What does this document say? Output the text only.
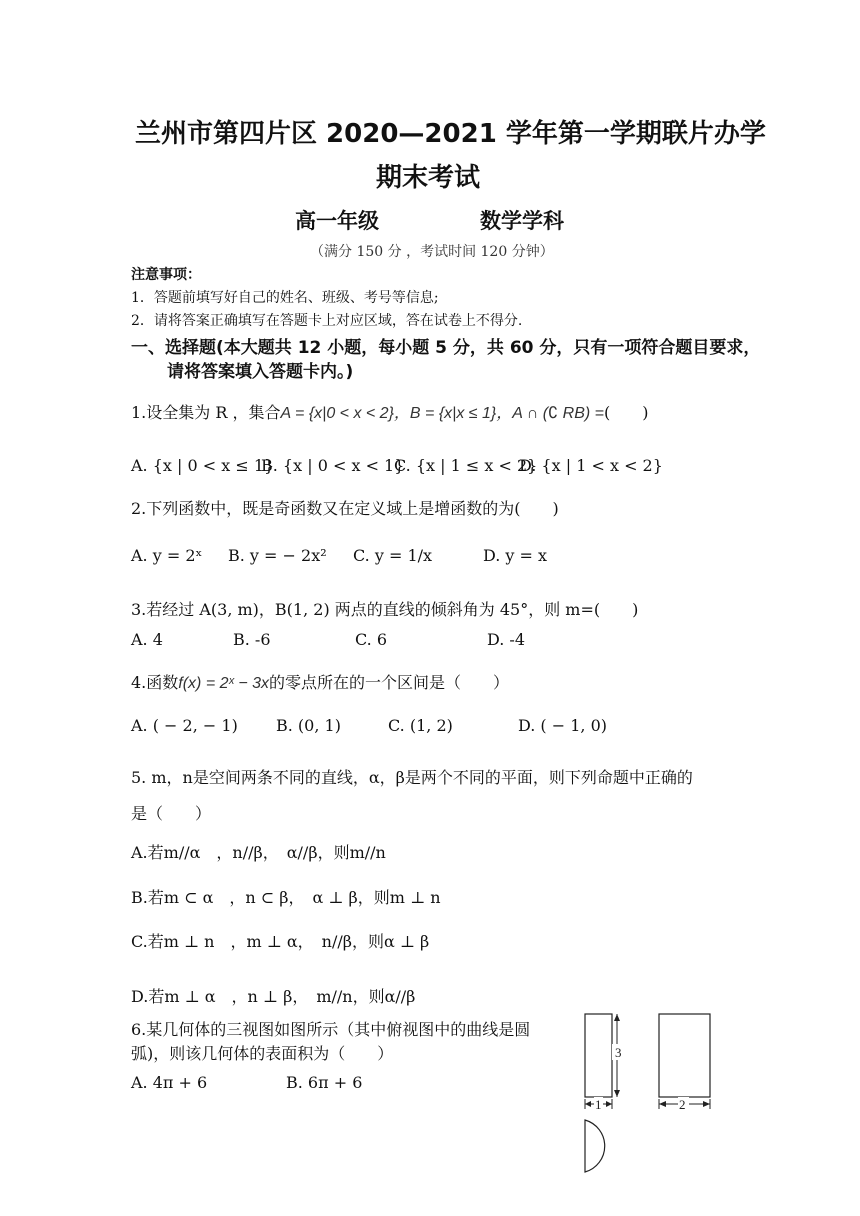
兰州市第四片区 2020—2021 学年第一学期联片办学
期末考试
高一年级	数学学科
（满分 150 分 ，考试时间 120 分钟）
注意事项：
1．答题前填写好自己的姓名、班级、考号等信息;
2．请将答案正确填写在答题卡上对应区域，答在试卷上不得分.
一、选择题(本大题共 12 小题，每小题 5 分，共 60 分，只有一项符合题目要求，
请将答案填入答题卡内。)
1.设全集为 R ，集合A = {x|0 < x < 2}，B = {x|x ≤ 1}，A ∩ (∁ RB) =(　　)
A. {x | 0 < x ≤ 1}B. {x | 0 < x < 1}C. {x | 1 ≤ x < 2}D. {x | 1 < x < 2}
2.下列函数中，既是奇函数又在定义域上是增函数的为(　　)
A. y = 2ˣ B. y = − 2x² C. y = 1/x	D. y = x
3.若经过 A(3, m)，B(1, 2) 两点的直线的倾斜角为 45°，则 m=(　　)
A. 4	B. -6	C. 6	D. -4
4.函数f(x) = 2ˣ − 3x的零点所在的一个区间是（　　）
A. ( − 2, − 1) B. (0, 1)	C. (1, 2)	D. ( − 1, 0)
5. m，n是空间两条不同的直线，α，β是两个不同的平面，则下列命题中正确的
是（　　）
A.若m//α　，n//β，　α//β，则m//n
B.若m ⊂ α　，n ⊂ β，　α ⊥ β，则m ⊥ n
C.若m ⊥ n　，m ⊥ α，　n//β，则α ⊥ β
D.若m ⊥ α　，n ⊥ β，　m//n，则α//β
6.某几何体的三视图如图所示（其中俯视图中的曲线是圆
弧)，则该几何体的表面积为（　　）
A. 4π + 6	B. 6π + 6
3
1	2
